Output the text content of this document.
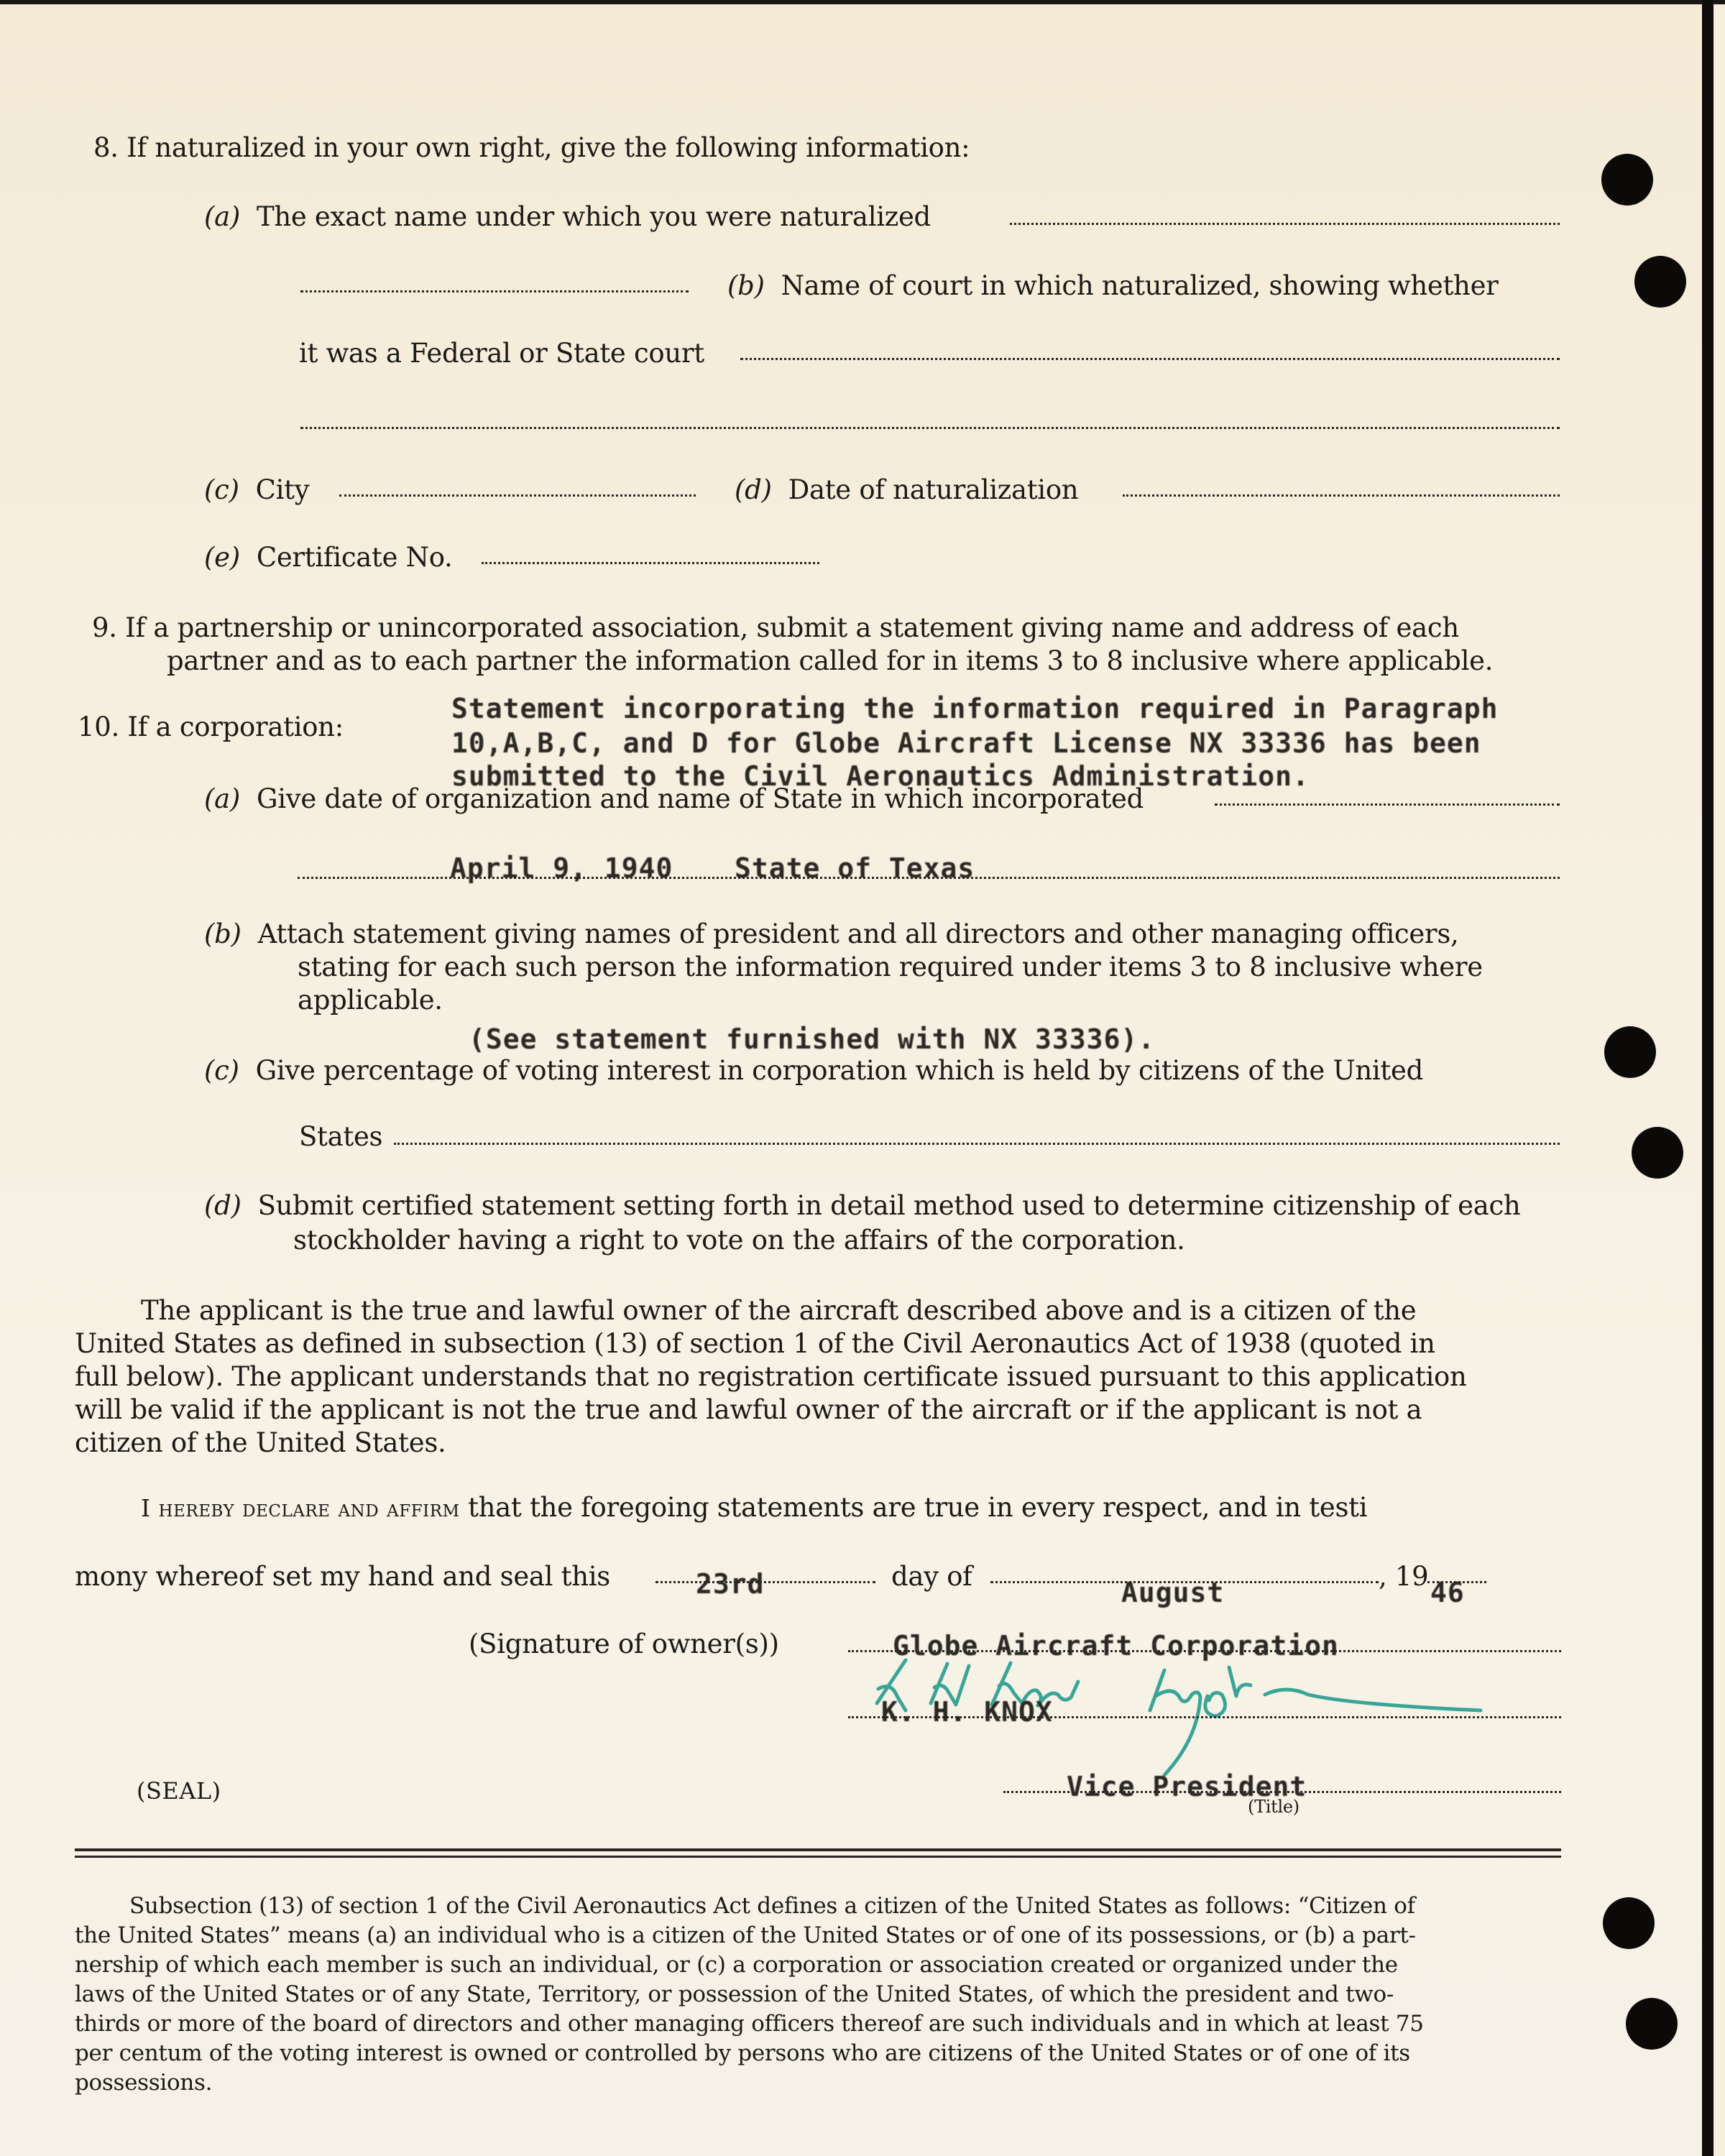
8. If naturalized in your own right, give the following information:
(a) The exact name under which you were naturalized
(b) Name of court in which naturalized, showing whether
it was a Federal or State court
(c) City	(d) Date of naturalization
(e) Certificate No.
9. If a partnership or unincorporated association, submit a statement giving name and address of each
partner and as to each partner the information called for in items 3 to 8 inclusive where applicable.
10. If a corporation:
Statement incorporating the information required in Paragraph
10,A,B,C, and D for Globe Aircraft License NX 33336 has been
submitted to the Civil Aeronautics Administration.
(a) Give date of organization and name of State in which incorporated
April 9, 1940 State of Texas
(b) Attach statement giving names of president and all directors and other managing officers,
stating for each such person the information required under items 3 to 8 inclusive where
applicable.
(See statement furnished with NX 33336).
(c) Give percentage of voting interest in corporation which is held by citizens of the United
States
(d) Submit certified statement setting forth in detail method used to determine citizenship of each
stockholder having a right to vote on the affairs of the corporation.
The applicant is the true and lawful owner of the aircraft described above and is a citizen of the
United States as defined in subsection (13) of section 1 of the Civil Aeronautics Act of 1938 (quoted in
full below). The applicant understands that no registration certificate issued pursuant to this application
will be valid if the applicant is not the true and lawful owner of the aircraft or if the applicant is not a
citizen of the United States.
I hereby declare and affirm that the foregoing statements are true in every respect, and in testi
mony whereof set my hand and seal this	23rd	day of
August
, 19
46
(Signature of owner(s))	Globe Aircraft Corporation
K. H. KNOX
(SEAL)	Vice President
(Title)
Subsection (13) of section 1 of the Civil Aeronautics Act defines a citizen of the United States as follows: “Citizen of
the United States” means (a) an individual who is a citizen of the United States or of one of its possessions, or (b) a part-
nership of which each member is such an individual, or (c) a corporation or association created or organized under the
laws of the United States or of any State, Territory, or possession of the United States, of which the president and two-
thirds or more of the board of directors and other managing officers thereof are such individuals and in which at least 75
per centum of the voting interest is owned or controlled by persons who are citizens of the United States or of one of its
possessions.
